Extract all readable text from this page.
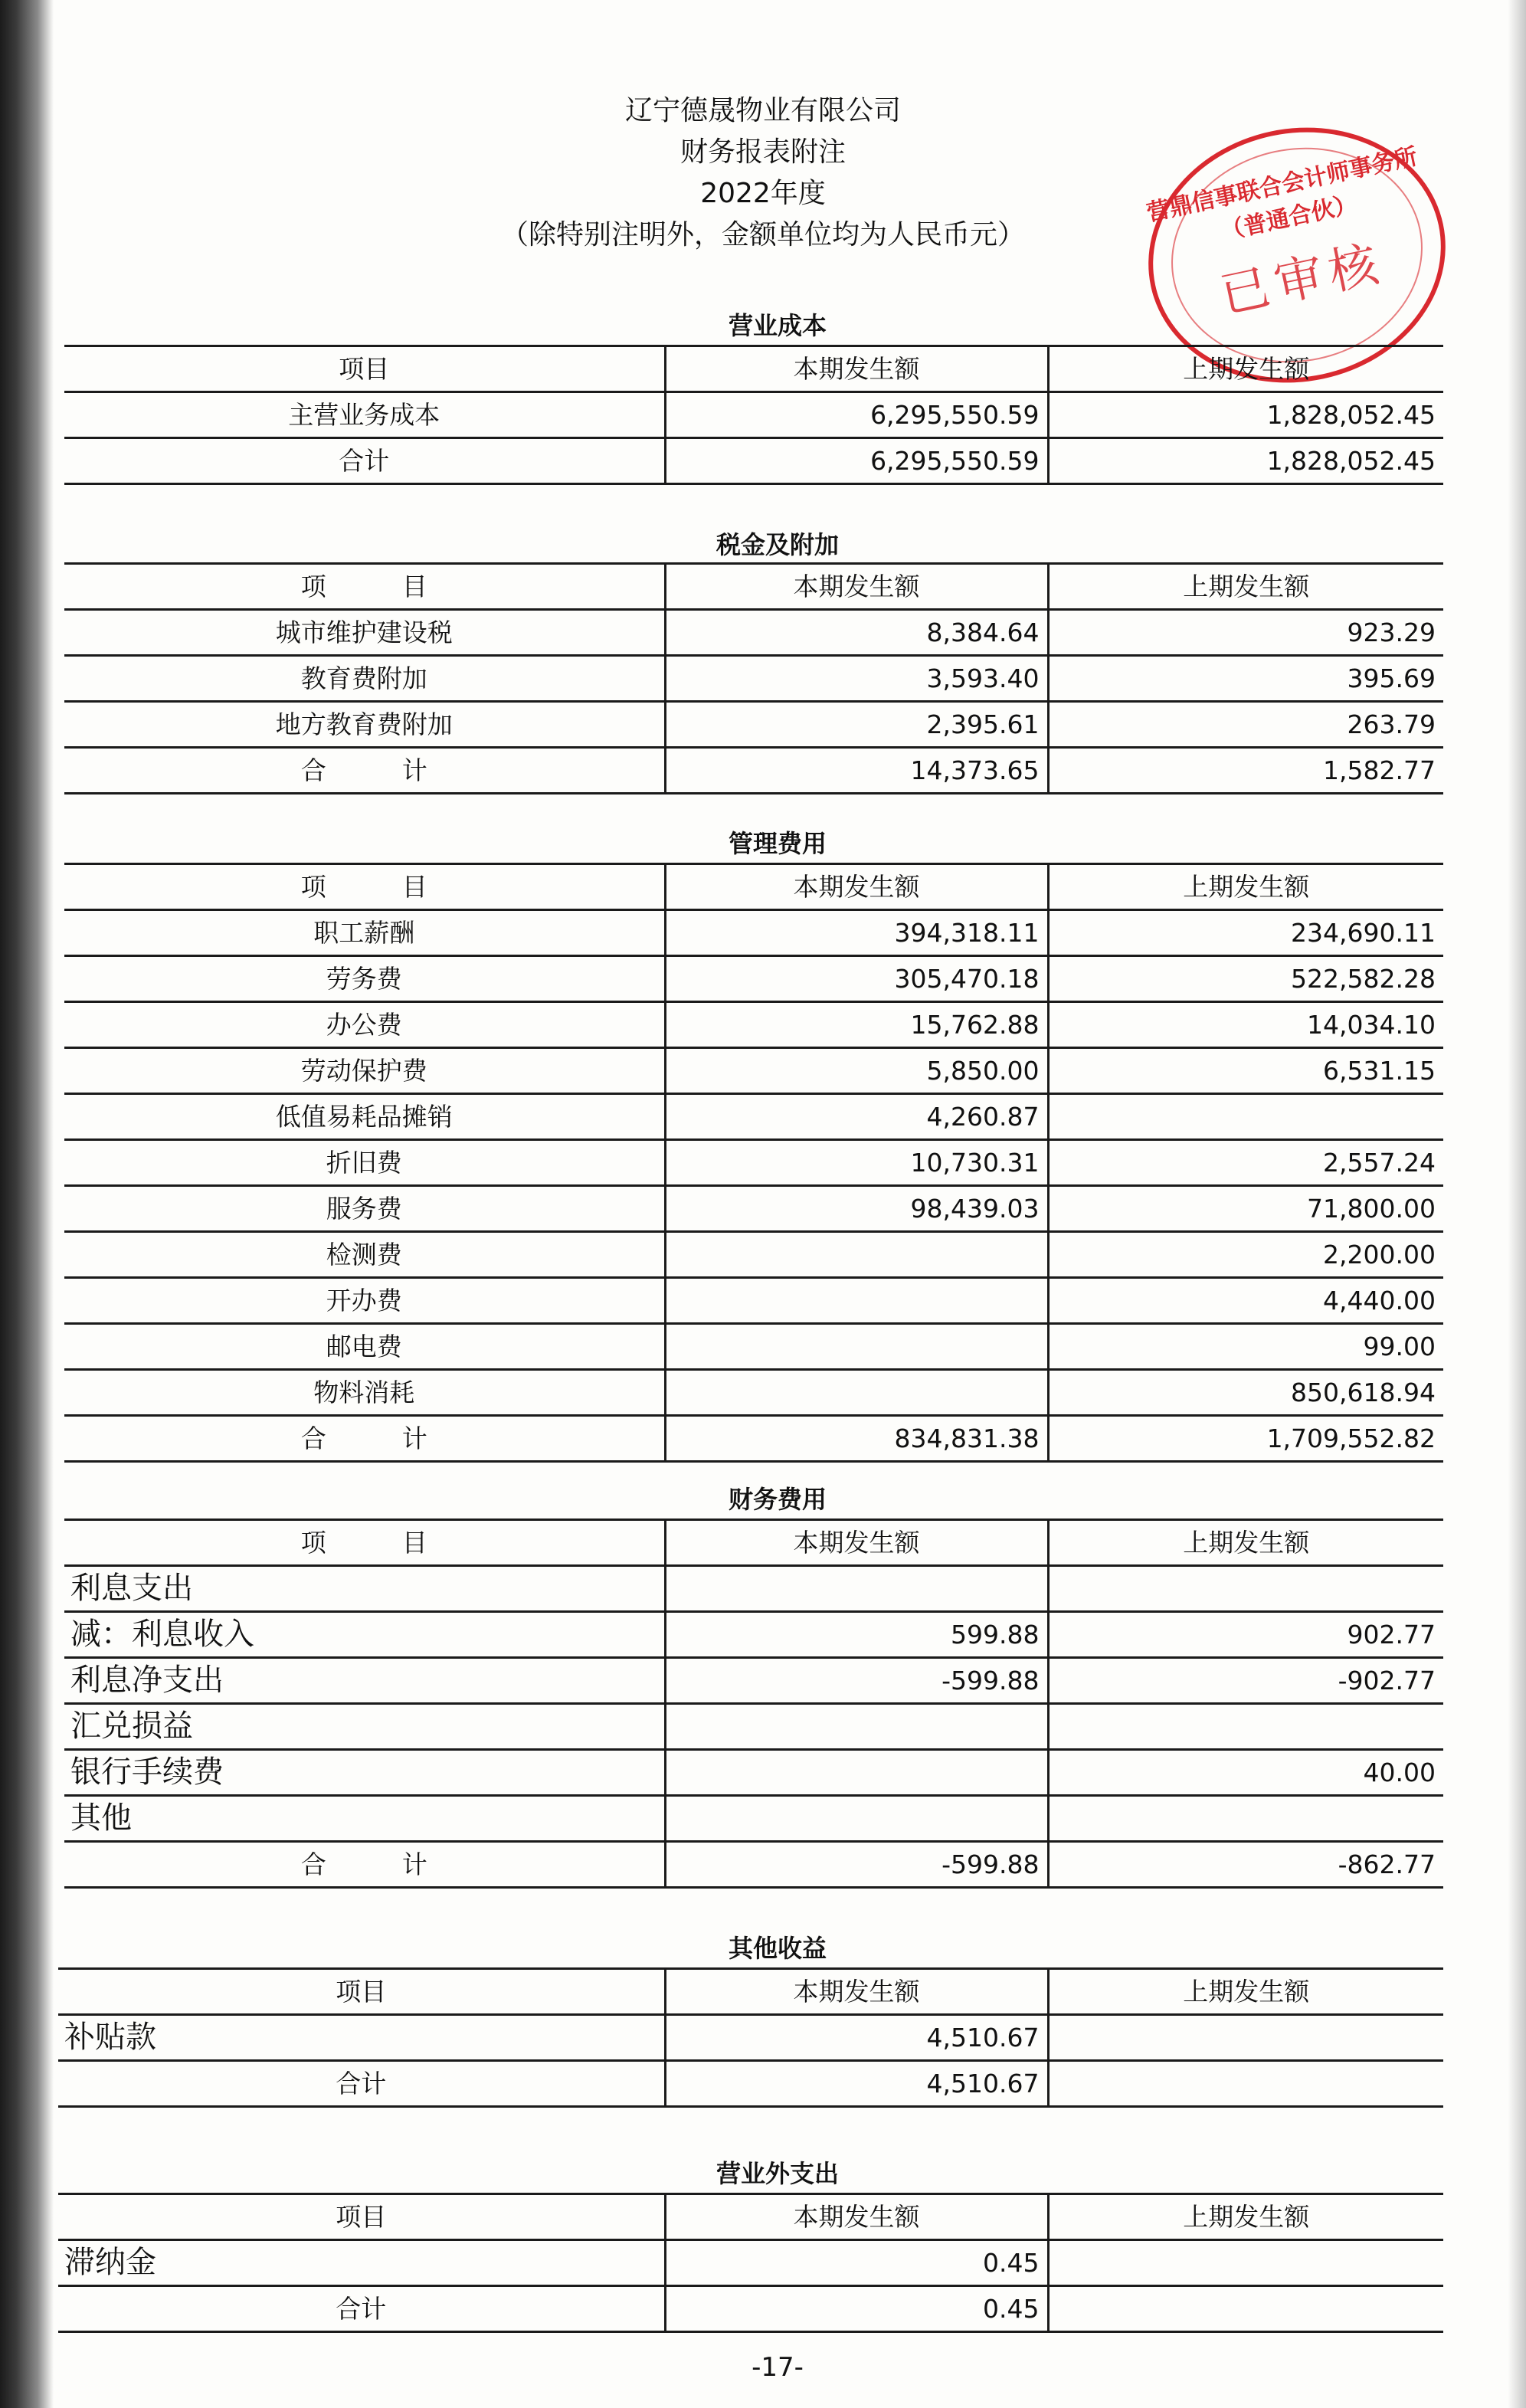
辽宁德晟物业有限公司
财务报表附注
2022年度
（除特别注明外，金额单位均为人民币元）
营鼎信事联合会计师事务所（普通合伙）
已审核
营业成本
项目	本期发生额	上期发生额
主营业务成本	6,295,550.59	1,828,052.45
合计	6,295,550.59	1,828,052.45
税金及附加
项　　　目	本期发生额	上期发生额
城市维护建设税	8,384.64	923.29
教育费附加	3,593.40	395.69
地方教育费附加	2,395.61	263.79
合　　　计	14,373.65	1,582.77
管理费用
项　　　目	本期发生额	上期发生额
职工薪酬	394,318.11	234,690.11
劳务费	305,470.18	522,582.28
办公费	15,762.88	14,034.10
劳动保护费	5,850.00	6,531.15
低值易耗品摊销	4,260.87	
折旧费	10,730.31	2,557.24
服务费	98,439.03	71,800.00
检测费		2,200.00
开办费		4,440.00
邮电费		99.00
物料消耗		850,618.94
合　　　计	834,831.38	1,709,552.82
财务费用
项　　　目	本期发生额	上期发生额
利息支出		
减：利息收入	599.88	902.77
利息净支出	-599.88	-902.77
汇兑损益		
银行手续费		40.00
其他		
合　　　计	-599.88	-862.77
其他收益
项目	本期发生额	上期发生额
补贴款	4,510.67	
合计	4,510.67	
营业外支出
项目	本期发生额	上期发生额
滞纳金	0.45	
合计	0.45	
-17-
